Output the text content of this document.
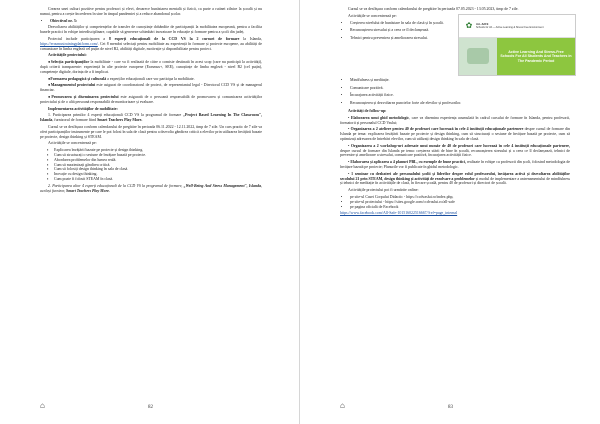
Crearea unei culturi pozitive pentru profesori și elevi, deoarece bunăstarea mentală și fizică, ca parte a rutinei zilnice la școală și nu numai, pentru a crește încrederea în sine în timpul pandemiei și a reduce abandonul școlar.

• Obiectivul nr. 3:

Dezvoltarea abilităților și competențelor de transfer de cunoștințe dobândite de participanții la mobilitatea europeană, pentru a facilita bunele practici în echipe interdisciplinare, capabile să genereze schimbări inovatoare în educație și formare pentru a școli din județ.

Proiectul include participarea a 8 experți educaționali de la CCD VS la 2 cursuri de formare la Islanda, https://erasmustrainingplatform.com/. Cei 8 membri selectați pentru mobilitate au experiență în formare și proiecte europene, au abilități de comunicare în limba engleză cel puțin de nivel B2, abilități digitale, motivație și disponibilitate pentru proiect.

Activitățile proiectului:

●Selecția participanților la mobilitate - care va fi realizată de către o comisie destinată în acest scop (care nu participă la activități), după criterii transparente: experiență în alte proiecte europene (Erasmus+, SEE), cunoștințe de limba engleză - nivel B2 (cel puțin), competențe digitale, dorința de a fi implicat.

●Formarea pedagogică și culturală a experților educaționali care vor participa la mobilitate.

●Managementul proiectului este asigurat de coordonatorul de proiect, de reprezentantul legal - Directorul CCD VS și de managerul financiar.

●Promovarea și diseminarea proiectului este asigurată de o persoană responsabilă de promovarea și comunicarea activităților proiectului și de o altă persoană responsabilă de monitorizare și evaluare.

Implementarea activităților de mobilitate:

1. Participarea primilor 4 experți educaționali CCD VS la programul de formare „Project Based Learning In The Classroom", Islanda, furnizorul de formare fiind Smart Teachers Play More.

Cursul se va desfășura conform calendarului de pregătire în perioada 06.11.2022 - 12.11.2022, timp de 7 zile. Un curs practic de 7 zile va oferi participanților instrumente pe care le pot folosi în sala de clasă pentru a dezvolta gândirea critică a elevilor prin utilizarea învățării bazate pe proiecte, design thinking și STEAM.

Activitățile se concentrează pe:

▪ Explicarea învățării bazate pe proiecte și design thinking.
▪ Cum să structurați o sesiune de învățare bazată pe proiecte.
▪ Abordarea problemelor din lumea reală.
▪ Cum să maximizați gândirea critică.
▪ Cum să folosiți design thinking în sala de clasă.
▪ Inovație cu design thinking.
▪ Cum poate fi folosit STEAM în clasă.

2. Participarea altor 4 experți educaționali de la CCD VS la programul de formare, „Well-Being And Stress Management", Islanda, același furnizor, Smart Teachers Play More.

⌂	82

Cursul se va desfășura conform calendarului de pregătire în perioada 07.05.2023 - 13.05.2023, timp de 7 zile.

Activitățile se concentrează pe:

• Creșterea nivelului de bunăstare în sala de clasă și în școală.
• Recunoașterea stresului și a ceea ce îl declanșează.
• Tehnici pentru prevenirea și ameliorarea stresului.
✿	ALL-SAFE
Schools for All — Active Learning & Stress Free Environment
Active Learning And Stress-Free
Schools For All Students And Teachers in
The Pandemic Period
• Mindfulness și meditație.
• Comunicare pozitivă.
• Încurajarea activității fizice.
• Recunoașterea și dezvoltarea punctelor forte ale elevilor și profesorilor.

Activități de follow-up:

• Elaborarea unui ghid metodologic, care va disemina experiența acumulată în cadrul cursului de formare în Islanda, pentru profesorii, formatorii și personalul CCD Vaslui;

• Organizarea a 2 ateliere pentru 40 de profesori care lucrează în cele 4 instituții educaționale partenere despre cursul de formare din Islanda pe tema: explicarea învățării bazate pe proiecte și design thinking, cum să structurați o sesiune de învățare bazată pe proiecte, cum să optimizați adresarea de întrebări elevilor, cum să utilizați design thinking în sala de clasă.

• Organizarea a 2 workshop-uri adresate unui număr de 40 de profesori care lucrează în cele 4 instituții educaționale partenere, despre cursul de formare din Islanda pe tema: creșterea stării de bine în școală, recunoașterea stresului și a ceea ce îl declanșează, tehnici de prevenire și ameliorare a stresului, comunicare pozitivă, încurajarea activității fizice.

• Elaborarea și aplicarea a 4 planuri PBL, cu exemple de bune practici, realizate în echipe cu profesorii din școli, folosind metodologia de învățare bazată pe proiecte; Planurile vor fi publicate în ghidul metodologic.

• 1 seminar cu dezbateri ale personalului școlii și liderilor despre rolul profesorului, învățarea activă și dezvoltarea abilităților secolului 21 prin STEAM, design thinking și activități de rezolvare a problemelor și modul de implementare a antrenamentului de mindfulness și tehnici de meditație în activitățile de clasă, în fiecare școală, pentru 40 de profesori și directori de școală.

Activitățile proiectului pot fi urmărite online:

• pe site-ul Casei Corpului Didactic - https://ccdvaslui.ro/index.php,
• pe site-ul proiectului - https://sites.google.com/ccdvaslui.ro/all-safe
• pe pagina oficială de Facebook

https://www.facebook.com/All-Safe-101516022516667/?ref=page_internal

⌂	83
